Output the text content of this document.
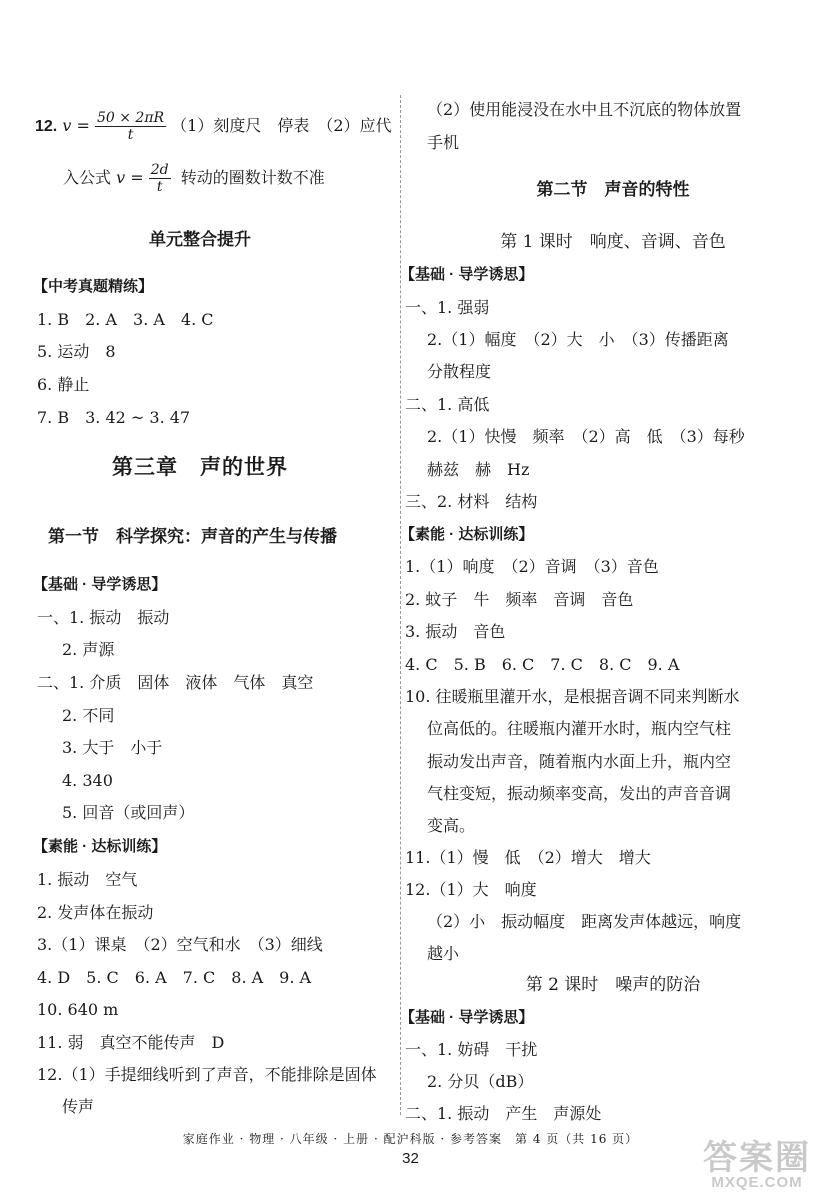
12. $v = \frac{50 \times 2\pi R}{t} (1)$刻度尺　停表　（2）应代
入公式 $v = \frac{2d}{t}$ 转动的圈数计数不准
单元整合提升
【中考真题精练】
1. B　2. A　3. A　4. C
5. 运动　8
6. 静止
7. B　3. 42 ~ 3. 47
第三章　声的世界
第一节　科学探究：声音的产生与传播
【基础 · 导学诱思】
一、1. 振动　振动
2. 声源
二、1. 介质　固体　液体　气体　真空
2. 不同
3. 大于　小于
4. 340
5. 回音（或回声）
【素能 · 达标训练】
1. 振动　空气
2. 发声体在振动
3.（1）课桌　（2）空气和水　（3）细线
4. D　5. C　6. A　7. C　8. A　9. A
10. 640 m
11. 弱　真空不能传声　D
12.（1）手提细线听到了声音，不能排除是固体
传声
（2）使用能浸没在水中且不沉底的物体放置
手机
第二节　声音的特性
第 1 课时　响度、音调、音色
【基础 · 导学诱思】
一、1. 强弱
2.（1）幅度　（2）大　小　（3）传播距离
分散程度
二、1. 高低
2.（1）快慢　频率　（2）高　低　（3）每秒
赫兹　赫　Hz
三、2. 材料　结构
【素能 · 达标训练】
1.（1）响度　（2）音调　（3）音色
2. 蚊子　牛　频率　音调　音色
3. 振动　音色
4. C　5. B　6. C　7. C　8. C　9. A
10. 往暖瓶里灌开水，是根据音调不同来判断水
位高低的。往暖瓶内灌开水时，瓶内空气柱
振动发出声音，随着瓶内水面上升，瓶内空
气柱变短，振动频率变高，发出的声音音调
变高。
11.（1）慢　低　（2）增大　增大
12.（1）大　响度
（2）小　振动幅度　距离发声体越远，响度
越小
第 2 课时　噪声的防治
【基础 · 导学诱思】
一、1. 妨碍　干扰
2. 分贝（dB）
二、1. 振动　产生　声源处
家庭作业 · 物理 · 八年级 · 上册 · 配沪科版 · 参考答案　第 4 页（共 16 页）
32	答案圈
MXQE.COM
